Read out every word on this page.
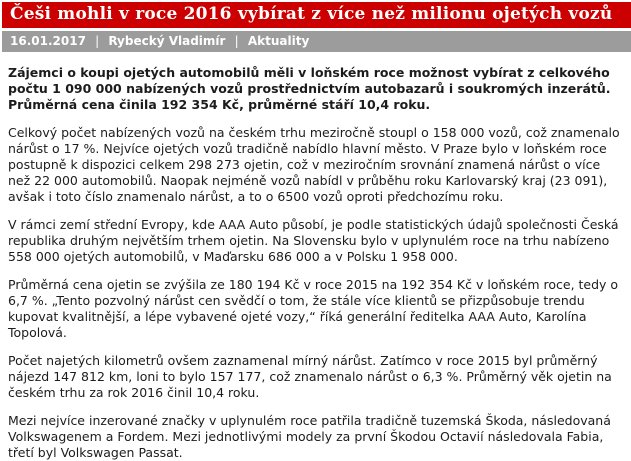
Češi mohli v roce 2016 vybírat z více než milionu ojetých vozů
16.01.2017 | Rybecký Vladimír | Aktuality

Zájemci o koupi ojetých automobilů měli v loňském roce možnost vybírat z celkového počtu 1 090 000 nabízených vozů prostřednictvím autobazarů i soukromých inzerátů. Průměrná cena činila 192 354 Kč, průměrné stáří 10,4 roku.

Celkový počet nabízených vozů na českém trhu meziročně stoupl o 158 000 vozů, což znamenalo nárůst o 17 %. Nejvíce ojetých vozů tradičně nabídlo hlavní město. V Praze bylo v loňském roce postupně k dispozici celkem 298 273 ojetin, což v meziročním srovnání znamená nárůst o více než 22 000 automobilů. Naopak nejméně vozů nabídl v průběhu roku Karlovarský kraj (23 091), avšak i toto číslo znamenalo nárůst, a to o 6500 vozů oproti předchozímu roku.

V rámci zemí střední Evropy, kde AAA Auto působí, je podle statistických údajů společnosti Česká republika druhým největším trhem ojetin. Na Slovensku bylo v uplynulém roce na trhu nabízeno 558 000 ojetých automobilů, v Maďarsku 686 000 a v Polsku 1 958 000.

Průměrná cena ojetin se zvýšila ze 180 194 Kč v roce 2015 na 192 354 Kč v loňském roce, tedy o 6,7 %. „Tento pozvolný nárůst cen svědčí o tom, že stále více klientů se přizpůsobuje trendu kupovat kvalitnější, a lépe vybavené ojeté vozy,“ říká generální ředitelka AAA Auto, Karolína Topolová.

Počet najetých kilometrů ovšem zaznamenal mírný nárůst. Zatímco v roce 2015 byl průměrný nájezd 147 812 km, loni to bylo 157 177, což znamenalo nárůst o 6,3 %. Průměrný věk ojetin na českém trhu za rok 2016 činil 10,4 roku.

Mezi nejvíce inzerované značky v uplynulém roce patřila tradičně tuzemská Škoda, následovaná Volkswagenem a Fordem. Mezi jednotlivými modely za první Škodou Octavií následovala Fabia, třetí byl Volkswagen Passat.
